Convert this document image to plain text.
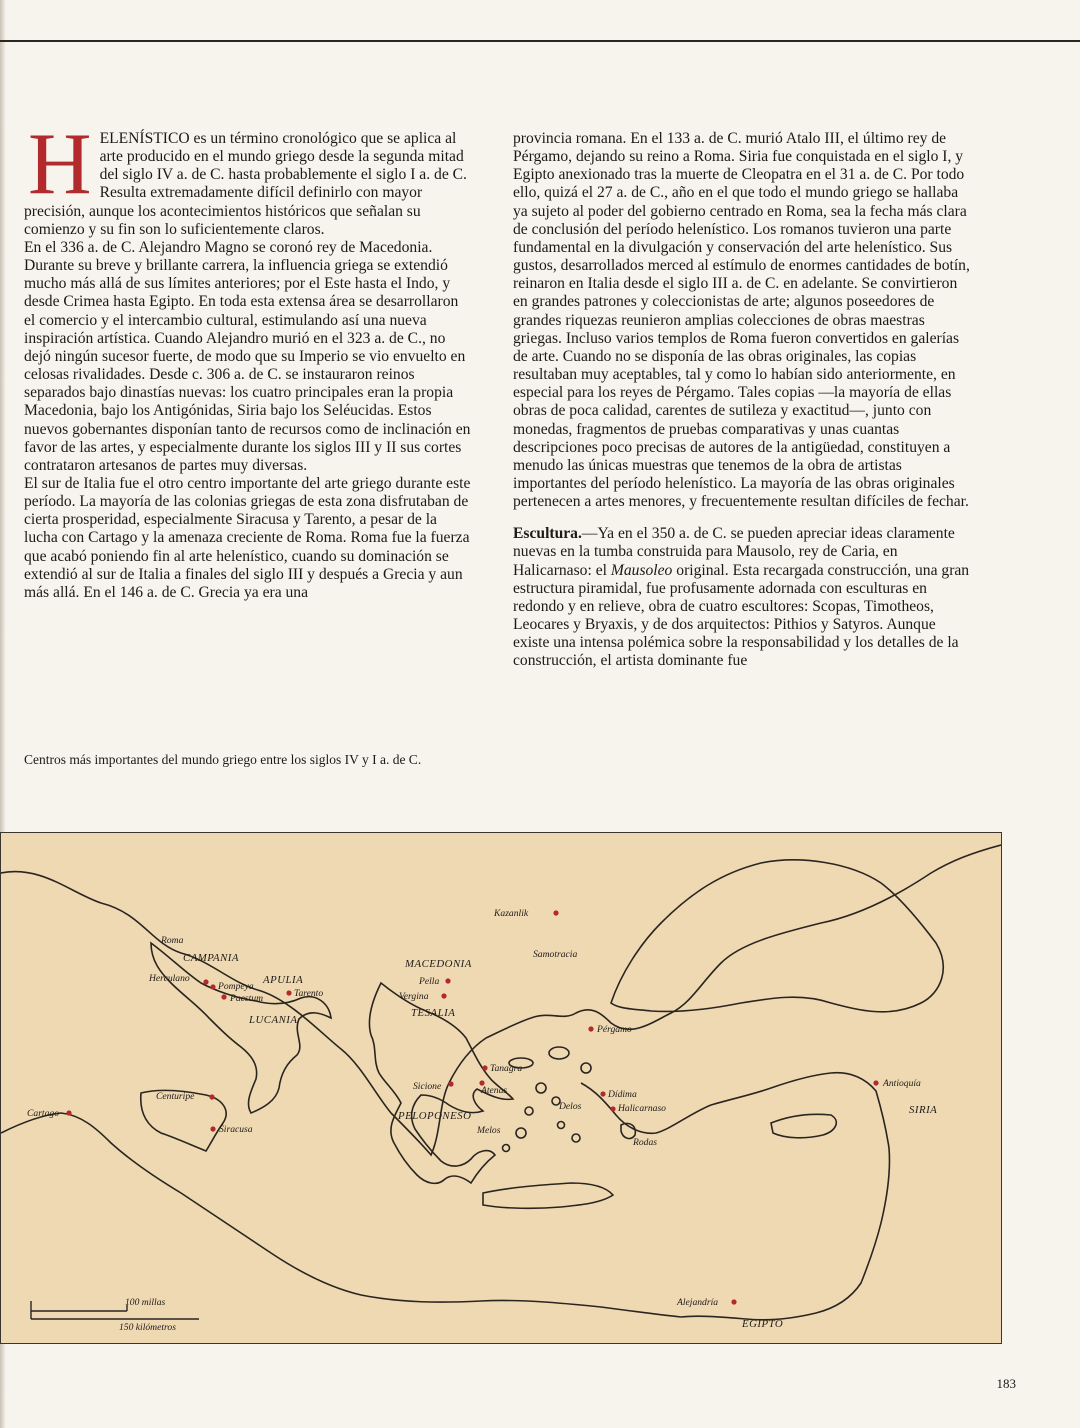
HELENÍSTICO es un término cronológico que se aplica al arte producido en el mundo griego desde la segunda mitad del siglo IV a. de C. hasta probablemente el siglo I a. de C. Resulta extremadamente difícil definirlo con mayor precisión, aunque los acontecimientos históricos que señalan su comienzo y su fin son lo suficientemente claros.

En el 336 a. de C. Alejandro Magno se coronó rey de Macedonia. Durante su breve y brillante carrera, la influencia griega se extendió mucho más allá de sus límites anteriores; por el Este hasta el Indo, y desde Crimea hasta Egipto. En toda esta extensa área se desarrollaron el comercio y el intercambio cultural, estimulando así una nueva inspiración artística. Cuando Alejandro murió en el 323 a. de C., no dejó ningún sucesor fuerte, de modo que su Imperio se vio envuelto en celosas rivalidades. Desde c. 306 a. de C. se instauraron reinos separados bajo dinastías nuevas: los cuatro principales eran la propia Macedonia, bajo los Antigónidas, Siria bajo los Seléucidas. Estos nuevos gobernantes disponían tanto de recursos como de inclinación en favor de las artes, y especialmente durante los siglos III y II sus cortes contrataron artesanos de partes muy diversas.

El sur de Italia fue el otro centro importante del arte griego durante este período. La mayoría de las colonias griegas de esta zona disfrutaban de cierta prosperidad, especialmente Siracusa y Tarento, a pesar de la lucha con Cartago y la amenaza creciente de Roma. Roma fue la fuerza que acabó poniendo fin al arte helenístico, cuando su dominación se extendió al sur de Italia a finales del siglo III y después a Grecia y aun más allá. En el 146 a. de C. Grecia ya era una

provincia romana. En el 133 a. de C. murió Atalo III, el último rey de Pérgamo, dejando su reino a Roma. Siria fue conquistada en el siglo I, y Egipto anexionado tras la muerte de Cleopatra en el 31 a. de C. Por todo ello, quizá el 27 a. de C., año en el que todo el mundo griego se hallaba ya sujeto al poder del gobierno centrado en Roma, sea la fecha más clara de conclusión del período helenístico. Los romanos tuvieron una parte fundamental en la divulgación y conservación del arte helenístico. Sus gustos, desarrollados merced al estímulo de enormes cantidades de botín, reinaron en Italia desde el siglo III a. de C. en adelante. Se convirtieron en grandes patrones y coleccionistas de arte; algunos poseedores de grandes riquezas reunieron amplias colecciones de obras maestras griegas. Incluso varios templos de Roma fueron convertidos en galerías de arte. Cuando no se disponía de las obras originales, las copias resultaban muy aceptables, tal y como lo habían sido anteriormente, en especial para los reyes de Pérgamo. Tales copias —la mayoría de ellas obras de poca calidad, carentes de sutileza y exactitud—, junto con monedas, fragmentos de pruebas comparativas y unas cuantas descripciones poco precisas de autores de la antigüedad, constituyen a menudo las únicas muestras que tenemos de la obra de artistas importantes del período helenístico. La mayoría de las obras originales pertenecen a artes menores, y frecuentemente resultan difíciles de fechar.

Escultura.—Ya en el 350 a. de C. se pueden apreciar ideas claramente nuevas en la tumba construida para Mausolo, rey de Caria, en Halicarnaso: el Mausoleo original. Esta recargada construcción, una gran estructura piramidal, fue profusamente adornada con esculturas en redondo y en relieve, obra de cuatro escultores: Scopas, Timotheos, Leocares y Bryaxis, y de dos arquitectos: Pithios y Satyros. Aunque existe una intensa polémica sobre la responsabilidad y los detalles de la construcción, el artista dominante fue

Centros más importantes del mundo griego entre los siglos IV y I a. de C.
CAMPANIA
APULIA
LUCANIA
MACEDONIA
TESALIA
PELOPONESO	SIRIA
EGIPTO
Roma
Herculano
Pompeya
Paestum	Tarento
Centuripe
Siracusa
Cartago
Kazanlik
Samotracia
Pella
Vergina
Pérgamo
Tanagra
Sicione	Atenas
Delos
Dídima
Halicarnaso
Melos
Rodas
Antioquía
Alejandría
100 millas
150 kilómetros
183
